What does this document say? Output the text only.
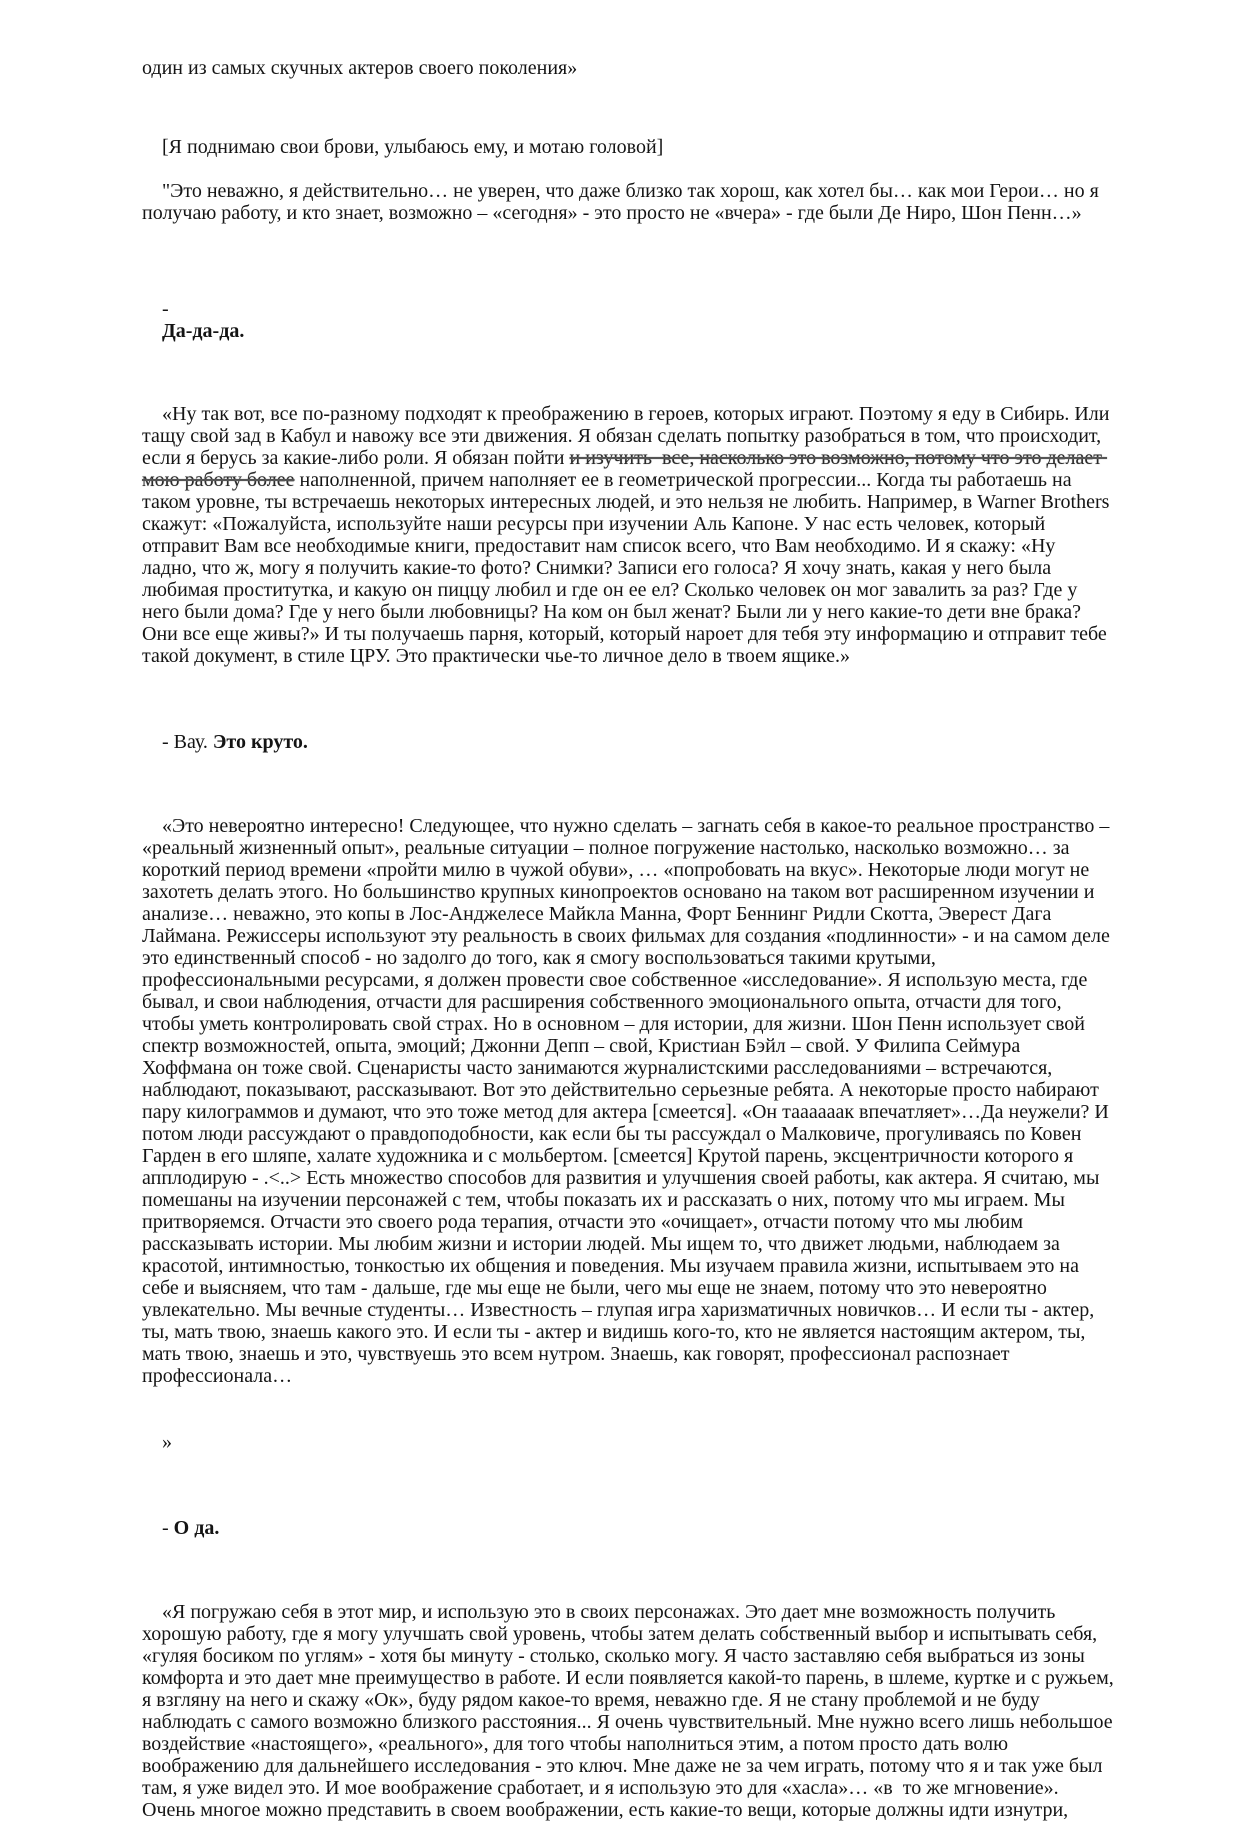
один из самых скучных актеров своего поколения»

[Я поднимаю свои брови, улыбаюсь ему, и мотаю головой]

"Это неважно, я действительно… не уверен, что даже близко так хорош, как хотел бы… как мои Герои… но я получаю работу, и кто знает, возможно – «сегодня» - это просто не «вчера» - где были Де Ниро, Шон Пенн…»

-
Да-да-да.

«Ну так вот, все по-разному подходят к преображению в героев, которых играют. Поэтому я еду в Сибирь. Или тащу свой зад в Кабул и навожу все эти движения. Я обязан сделать попытку разобраться в том, что происходит, если я берусь за какие-либо роли. Я обязан пойти и изучить  все, насколько это возможно, потому что это делает мою работу более наполненной, причем наполняет ее в геометрической прогрессии... Когда ты работаешь на таком уровне, ты встречаешь некоторых интересных людей, и это нельзя не любить. Например, в Warner Brothers скажут: «Пожалуйста, используйте наши ресурсы при изучении Аль Капоне. У нас есть человек, который отправит Вам все необходимые книги, предоставит нам список всего, что Вам необходимо. И я скажу: «Ну ладно, что ж, могу я получить какие-то фото? Снимки? Записи его голоса? Я хочу знать, какая у него была любимая проститутка, и какую он пиццу любил и где он ее ел? Сколько человек он мог завалить за раз? Где у него были дома? Где у него были любовницы? На ком он был женат? Были ли у него какие-то дети вне брака? Они все еще живы?» И ты получаешь парня, который, который нароет для тебя эту информацию и отправит тебе такой документ, в стиле ЦРУ. Это практически чье-то личное дело в твоем ящике.»

- Вау. Это круто.

«Это невероятно интересно! Следующее, что нужно сделать – загнать себя в какое-то реальное пространство – «реальный жизненный опыт», реальные ситуации – полное погружение настолько, насколько возможно… за короткий период времени «пройти милю в чужой обуви», … «попробовать на вкус». Некоторые люди могут не захотеть делать этого. Но большинство крупных кинопроектов основано на таком вот расширенном изучении и анализе… неважно, это копы в Лос-Анджелесе Майкла Манна, Форт Беннинг Ридли Скотта, Эверест Дага Лаймана. Режиссеры используют эту реальность в своих фильмах для создания «подлинности» - и на самом деле это единственный способ - но задолго до того, как я смогу воспользоваться такими крутыми, профессиональными ресурсами, я должен провести свое собственное «исследование». Я использую места, где бывал, и свои наблюдения, отчасти для расширения собственного эмоционального опыта, отчасти для того, чтобы уметь контролировать свой страх. Но в основном – для истории, для жизни. Шон Пенн использует свой спектр возможностей, опыта, эмоций; Джонни Депп – свой, Кристиан Бэйл – свой. У Филипа Сеймура Хоффмана он тоже свой. Сценаристы часто занимаются журналистскими расследованиями – встречаются, наблюдают, показывают, рассказывают. Вот это действительно серьезные ребята. А некоторые просто набирают пару килограммов и думают, что это тоже метод для актера [смеется]. «Он таааааак впечатляет»…Да неужели? И потом люди рассуждают о правдоподобности, как если бы ты рассуждал о Малковиче, прогуливаясь по Ковен Гарден в его шляпе, халате художника и с мольбертом. [смеется] Крутой парень, эксцентричности которого я апплодирую - .<..> Есть множество способов для развития и улучшения своей работы, как актера. Я считаю, мы помешаны на изучении персонажей с тем, чтобы показать их и рассказать о них, потому что мы играем. Мы притворяемся. Отчасти это своего рода терапия, отчасти это «очищает», отчасти потому что мы любим рассказывать истории. Мы любим жизни и истории людей. Мы ищем то, что движет людьми, наблюдаем за красотой, интимностью, тонкостью их общения и поведения. Мы изучаем правила жизни, испытываем это на себе и выясняем, что там - дальше, где мы еще не были, чего мы еще не знаем, потому что это невероятно увлекательно. Мы вечные студенты… Известность – глупая игра харизматичных новичков… И если ты - актер, ты, мать твою, знаешь какого это. И если ты - актер и видишь кого-то, кто не является настоящим актером, ты, мать твою, знаешь и это, чувствуешь это всем нутром. Знаешь, как говорят, профессионал распознает профессионала…

»

- О да.

«Я погружаю себя в этот мир, и использую это в своих персонажах. Это дает мне возможность получить хорошую работу, где я могу улучшать свой уровень, чтобы затем делать собственный выбор и испытывать себя, «гуляя босиком по углям» - хотя бы минуту - столько, сколько могу. Я часто заставляю себя выбраться из зоны комфорта и это дает мне преимущество в работе. И если появляется какой-то парень, в шлеме, куртке и с ружьем, я взгляну на него и скажу «Ок», буду рядом какое-то время, неважно где. Я не стану проблемой и не буду наблюдать с самого возможно близкого расстояния... Я очень чувствительный. Мне нужно всего лишь небольшое воздействие «настоящего», «реального», для того чтобы наполниться этим, а потом просто дать волю воображению для дальнейшего исследования - это ключ. Мне даже не за чем играть, потому что я и так уже был там, я уже видел это. И мое воображение сработает, и я использую это для «хасла»… «в  то же мгновение». Очень многое можно представить в своем воображении, есть какие-то вещи, которые должны идти изнутри,
